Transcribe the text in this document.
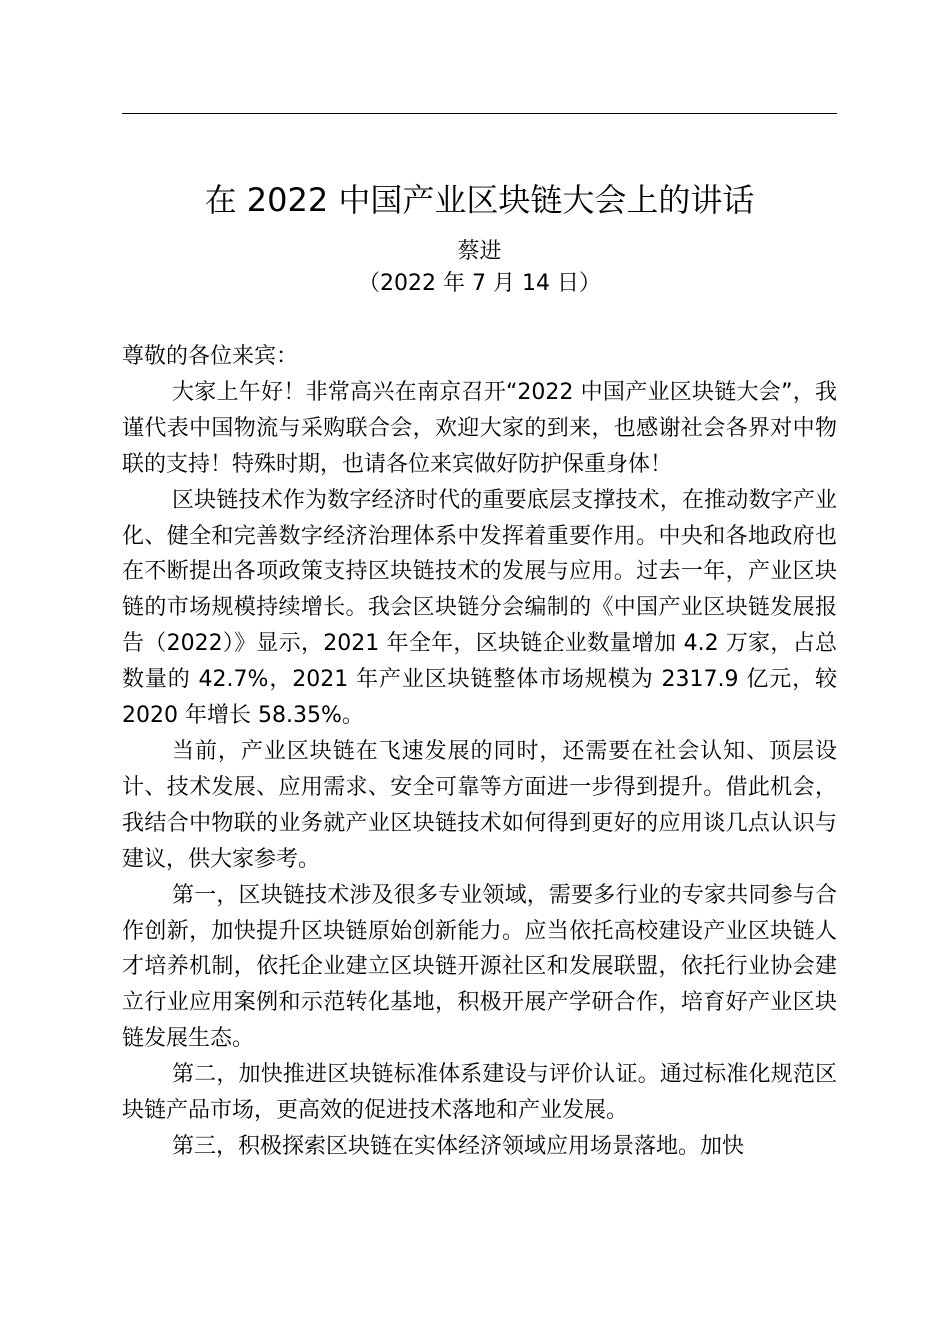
在 2022 中国产业区块链大会上的讲话
蔡进
（2022 年 7 月 14 日）

尊敬的各位来宾：

大家上午好！非常高兴在南京召开“2022 中国产业区块链大会”，我谨代表中国物流与采购联合会，欢迎大家的到来，也感谢社会各界对中物联的支持！特殊时期，也请各位来宾做好防护保重身体！

区块链技术作为数字经济时代的重要底层支撑技术，在推动数字产业化、健全和完善数字经济治理体系中发挥着重要作用。中央和各地政府也在不断提出各项政策支持区块链技术的发展与应用。过去一年，产业区块链的市场规模持续增长。我会区块链分会编制的《中国产业区块链发展报告（2022）》显示，2021 年全年，区块链企业数量增加 4.2 万家，占总数量的 42.7%，2021 年产业区块链整体市场规模为 2317.9 亿元，较 2020 年增长 58.35%。

当前，产业区块链在飞速发展的同时，还需要在社会认知、顶层设计、技术发展、应用需求、安全可靠等方面进一步得到提升。借此机会，我结合中物联的业务就产业区块链技术如何得到更好的应用谈几点认识与建议，供大家参考。

第一，区块链技术涉及很多专业领域，需要多行业的专家共同参与合作创新，加快提升区块链原始创新能力。应当依托高校建设产业区块链人才培养机制，依托企业建立区块链开源社区和发展联盟，依托行业协会建立行业应用案例和示范转化基地，积极开展产学研合作，培育好产业区块链发展生态。

第二，加快推进区块链标准体系建设与评价认证。通过标准化规范区块链产品市场，更高效的促进技术落地和产业发展。

第三，积极探索区块链在实体经济领域应用场景落地。加快
